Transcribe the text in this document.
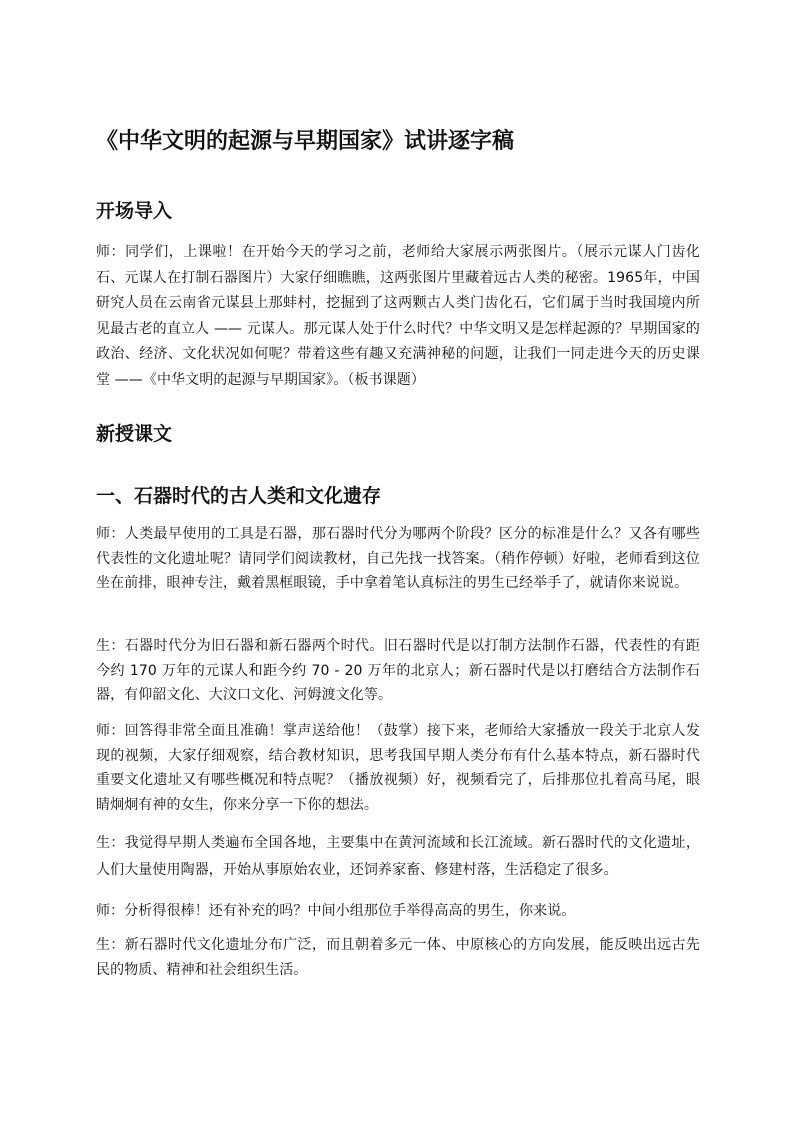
《中华文明的起源与早期国家》试讲逐字稿
开场导入

师：同学们，上课啦！在开始今天的学习之前，老师给大家展示两张图片。（展示元谋人门齿化石、元谋人在打制石器图片）大家仔细瞧瞧，这两张图片里藏着远古人类的秘密。1965年，中国研究人员在云南省元谋县上那蚌村，挖掘到了这两颗古人类门齿化石，它们属于当时我国境内所见最古老的直立人 —— 元谋人。那元谋人处于什么时代？中华文明又是怎样起源的？早期国家的政治、经济、文化状况如何呢？带着这些有趣又充满神秘的问题，让我们一同走进今天的历史课堂 ——《中华文明的起源与早期国家》。（板书课题）

新授课文
一、石器时代的古人类和文化遗存

师：人类最早使用的工具是石器，那石器时代分为哪两个阶段？区分的标准是什么？又各有哪些代表性的文化遗址呢？请同学们阅读教材，自己先找一找答案。（稍作停顿）好啦，老师看到这位坐在前排，眼神专注，戴着黑框眼镜，手中拿着笔认真标注的男生已经举手了，就请你来说说。

生：石器时代分为旧石器和新石器两个时代。旧石器时代是以打制方法制作石器，代表性的有距今约 170 万年的元谋人和距今约 70 - 20 万年的北京人；新石器时代是以打磨结合方法制作石器，有仰韶文化、大汶口文化、河姆渡文化等。

师：回答得非常全面且准确！掌声送给他！（鼓掌）接下来，老师给大家播放一段关于北京人发现的视频，大家仔细观察，结合教材知识，思考我国早期人类分布有什么基本特点，新石器时代重要文化遗址又有哪些概况和特点呢？（播放视频）好，视频看完了，后排那位扎着高马尾，眼睛炯炯有神的女生，你来分享一下你的想法。

生：我觉得早期人类遍布全国各地，主要集中在黄河流域和长江流域。新石器时代的文化遗址，人们大量使用陶器，开始从事原始农业，还饲养家畜、修建村落，生活稳定了很多。

师：分析得很棒！还有补充的吗？中间小组那位手举得高高的男生，你来说。

生：新石器时代文化遗址分布广泛，而且朝着多元一体、中原核心的方向发展，能反映出远古先民的物质、精神和社会组织生活。
